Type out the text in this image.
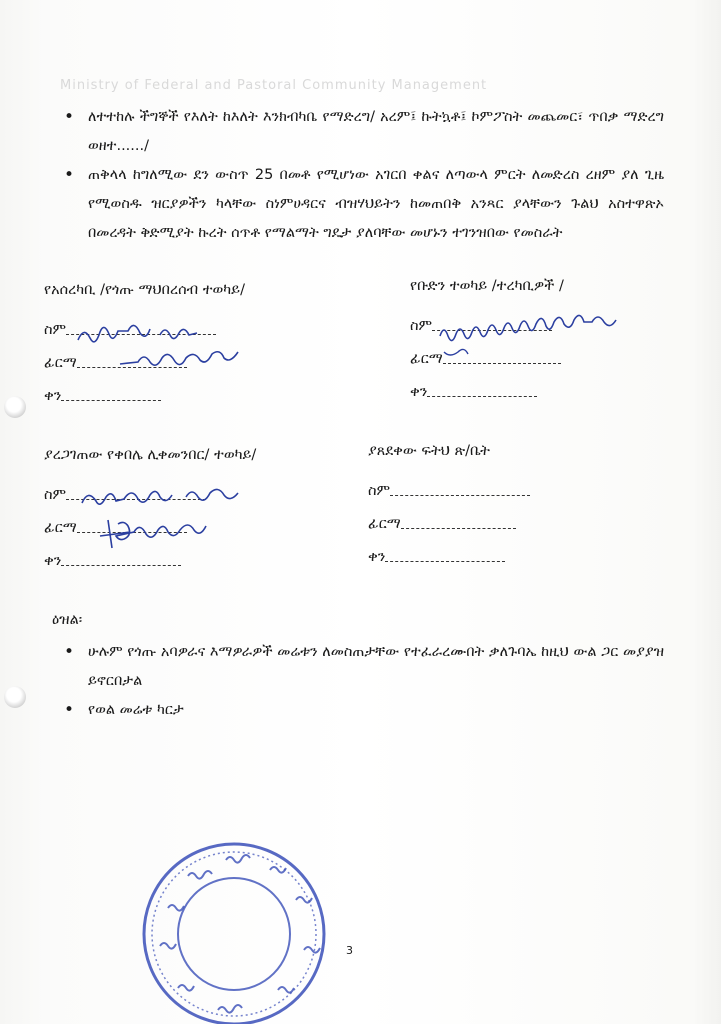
Ministry of Federal and Pastoral Community Management
• ለተተከሉ ችግኞች የእለት ከእለት እንክብካቤ የማድረግ/ አረም፤ ኩትኳቶ፤ ኮምፖስት መጨመር፣ ጥበቃ ማድረግ ወዘተ....../
• ጠቅላላ ከግለሚው ደን ውስጥ 25 በመቶ የሚሆነው አገርበ ቀልና ለጣውላ ምርት ለመድረስ ረዘም ያለ ጊዜ የሚወስዱ ዝርያዎችን ካላቸው ስነምሀዳርና ብዝሃህይትን ከመጠበቅ አንጻር ያላቸውን ጉልህ አስተዋጽኦ በመረዳት ቅድሚያት ኩረት ሰጥቶ የማልማት ግዴታ ያለባቸው መሆኑን ተገንዝበው የመስራት
የአሰረካቢ /የጎጡ ማህበረሰብ ተወካይ/
ስም
ፊርማ
ቀን
የቡድን ተወካይ /ተረካቢዎች /
ስም
ፊርማ
ቀን
ያረጋገጠው የቀበሌ ሊቀመንበር/ ተወካይ/
ስም
ፊርማ
ቀን
ያጸደቀው ፍትህ ጽ/ቤት
ስም
ፊርማ
ቀን
ዕዝል፡
• ሁሉም የጎጡ አባዎራና እማዎራዎች መሬቱን ለመስጠታቸው የተፈራረሙበት ቃለጉባኤ ከዚህ ውል ጋር መያያዝ ይኖርበታል
• የወል መሬቱ ካርታ
3
